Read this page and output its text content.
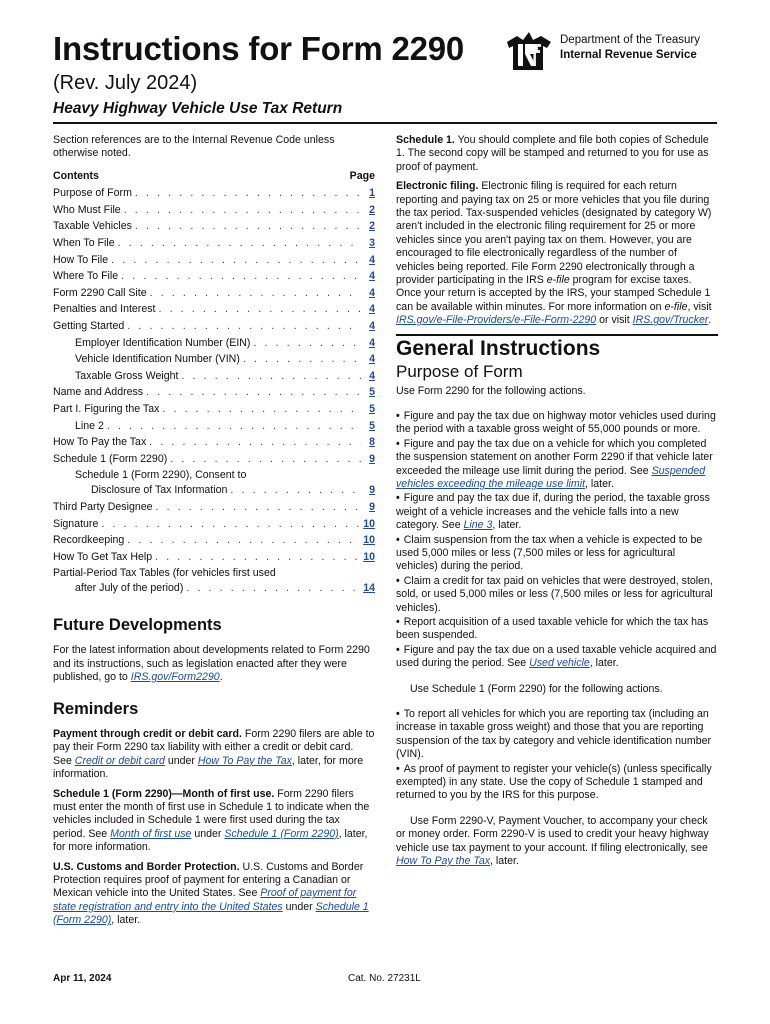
Instructions for Form 2290
(Rev. July 2024)
Heavy Highway Vehicle Use Tax Return
Department of the Treasury
Internal Revenue Service

Section references are to the Internal Revenue Code unless otherwise noted.

Contents	Page
Purpose of Form . . .	1
Who Must File . . .	2
Taxable Vehicles . . .	2
When To File . . .	3
How To File . . .	4
Where To File . . .	4
Form 2290 Call Site . . .	4
Penalties and Interest . . .	4
Getting Started . . .	4
Employer Identification Number (EIN) . . .	4
Vehicle Identification Number (VIN) . . .	4
Taxable Gross Weight . . .	4
Name and Address . . .	5
Part I. Figuring the Tax . . .	5
Line 2 . . .	5
How To Pay the Tax . . .	8
Schedule 1 (Form 2290) . . .	9
Schedule 1 (Form 2290), Consent to
Disclosure of Tax Information . . .	9
Third Party Designee . . .	9
Signature . . .	10
Recordkeeping . . .	10
How To Get Tax Help . . .	10
Partial-Period Tax Tables (for vehicles first used
after July of the period) . . .	14
Future Developments

For the latest information about developments related to Form 2290 and its instructions, such as legislation enacted after they were published, go to IRS.gov/Form2290.

Reminders

Payment through credit or debit card. Form 2290 filers are able to pay their Form 2290 tax liability with either a credit or debit card. See Credit or debit card under How To Pay the Tax, later, for more information.

Schedule 1 (Form 2290)—Month of first use. Form 2290 filers must enter the month of first use in Schedule 1 to indicate when the vehicles included in Schedule 1 were first used during the tax period. See Month of first use under Schedule 1 (Form 2290), later, for more information.

U.S. Customs and Border Protection. U.S. Customs and Border Protection requires proof of payment for entering a Canadian or Mexican vehicle into the United States. See Proof of payment for state registration and entry into the United States under Schedule 1 (Form 2290), later.

Schedule 1. You should complete and file both copies of Schedule 1. The second copy will be stamped and returned to you for use as proof of payment.

Electronic filing. Electronic filing is required for each return reporting and paying tax on 25 or more vehicles that you file during the tax period. Tax-suspended vehicles (designated by category W) aren't included in the electronic filing requirement for 25 or more vehicles since you aren't paying tax on them. However, you are encouraged to file electronically regardless of the number of vehicles being reported. File Form 2290 electronically through a provider participating in the IRS e-file program for excise taxes. Once your return is accepted by the IRS, your stamped Schedule 1 can be available within minutes. For more information on e-file, visit IRS.gov/e-File-Providers/e-File-Form-2290 or visit IRS.gov/Trucker.

General Instructions
Purpose of Form

Use Form 2290 for the following actions.

• Figure and pay the tax due on highway motor vehicles used during the period with a taxable gross weight of 55,000 pounds or more.
• Figure and pay the tax due on a vehicle for which you completed the suspension statement on another Form 2290 if that vehicle later exceeded the mileage use limit during the period. See Suspended vehicles exceeding the mileage use limit, later.
• Figure and pay the tax due if, during the period, the taxable gross weight of a vehicle increases and the vehicle falls into a new category. See Line 3, later.
• Claim suspension from the tax when a vehicle is expected to be used 5,000 miles or less (7,500 miles or less for agricultural vehicles) during the period.
• Claim a credit for tax paid on vehicles that were destroyed, stolen, sold, or used 5,000 miles or less (7,500 miles or less for agricultural vehicles).
• Report acquisition of a used taxable vehicle for which the tax has been suspended.
• Figure and pay the tax due on a used taxable vehicle acquired and used during the period. See Used vehicle, later.

Use Schedule 1 (Form 2290) for the following actions.

• To report all vehicles for which you are reporting tax (including an increase in taxable gross weight) and those that you are reporting suspension of the tax by category and vehicle identification number (VIN).
• As proof of payment to register your vehicle(s) (unless specifically exempted) in any state. Use the copy of Schedule 1 stamped and returned to you by the IRS for this purpose.

Use Form 2290-V, Payment Voucher, to accompany your check or money order. Form 2290-V is used to credit your heavy highway vehicle use tax payment to your account. If filing electronically, see How To Pay the Tax, later.

Apr 11, 2024	Cat. No. 27231L
